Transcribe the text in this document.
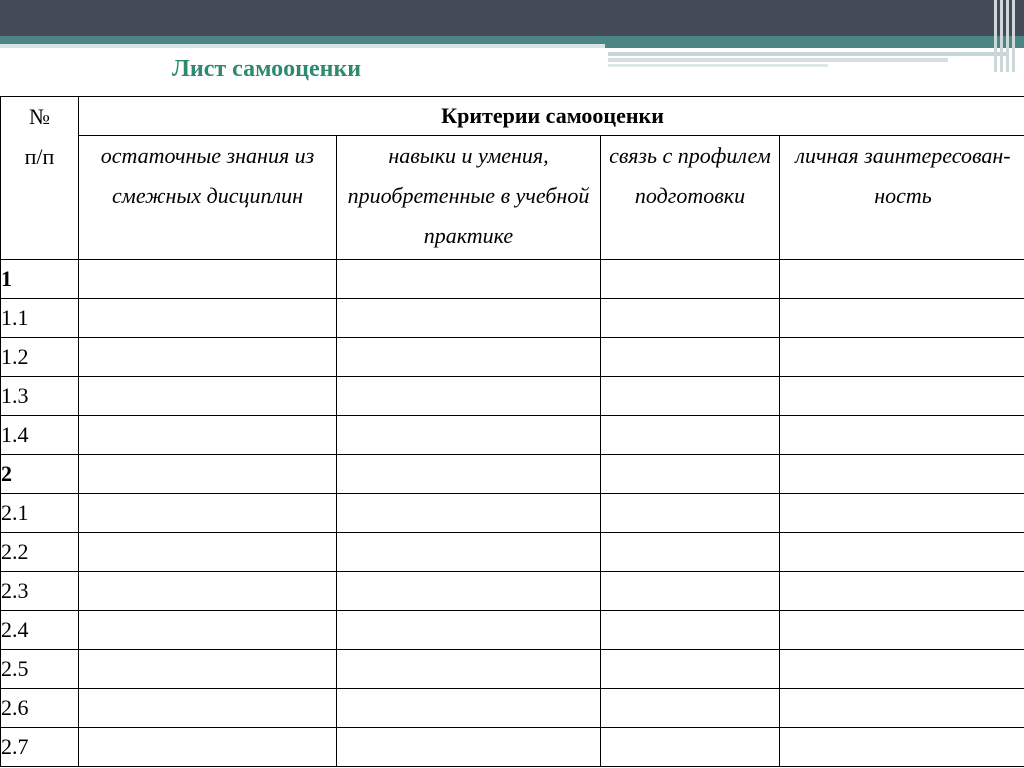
Лист самооценки
№
п/п	Критерии самооценки			
	остаточные знания из смежных дисциплин	навыки и умения, приобретенные в учебной практике	связь с профилем подготовки	личная заинтересован-ность
1				
1.1				
1.2				
1.3				
1.4				
2				
2.1				
2.2				
2.3				
2.4				
2.5				
2.6				
2.7				
